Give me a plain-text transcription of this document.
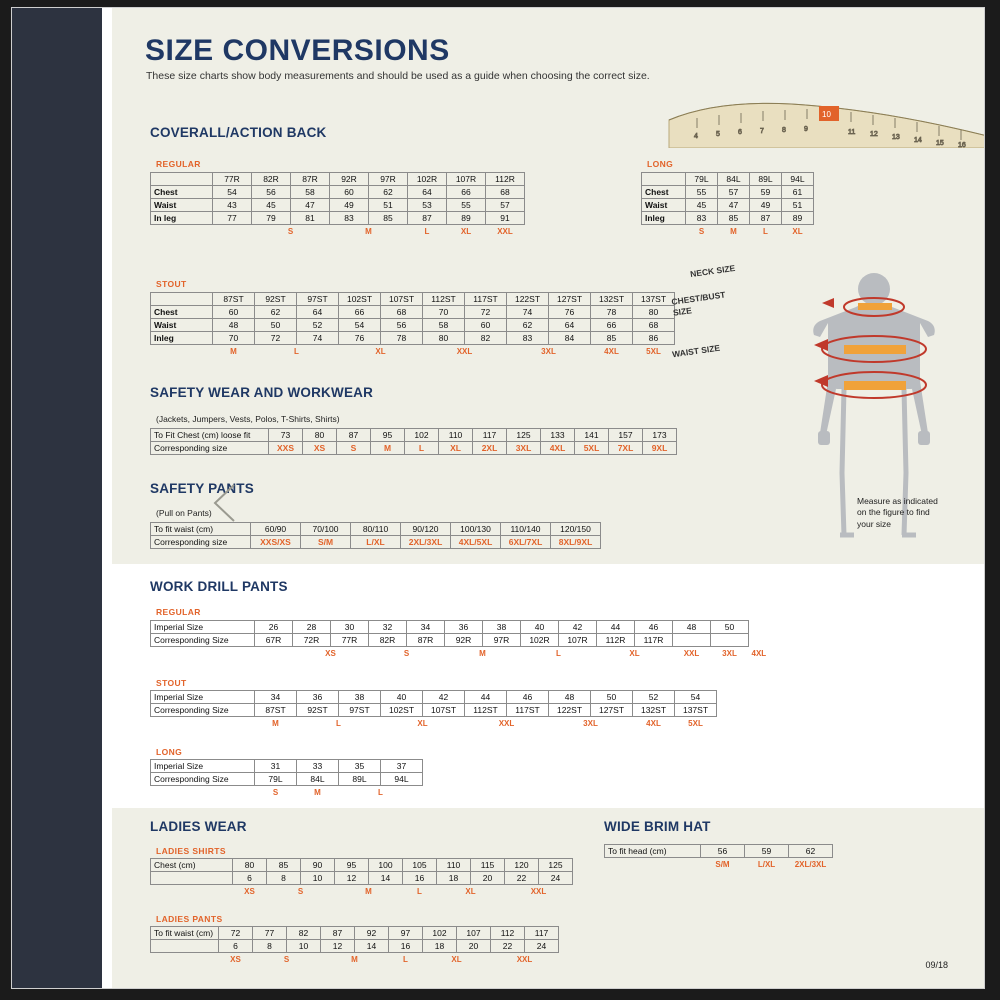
SIZE CONVERSIONS
These size charts show body measurements and should be used as a guide when choosing the correct size.
4	5	6	7	8	9	11 12 13 14 15 16
10
COVERALL/ACTION BACK
REGULAR
	77R	82R	87R	92R	97R	102R	107R	112R
Chest	54	56	58	60	62	64	66	68
Waist	43	45	47	49	51	53	55	57
In leg	77	79	81	83	85	87	89	91
		S		M		L	XL	XXL
LONG
	79L	84L	89L	94L
Chest	55	57	59	61
Waist	45	47	49	51
Inleg	83	85	87	89
	S	M	L	XL
STOUT
	87ST	92ST	97ST	102ST	107ST	112ST	117ST	122ST	127ST	132ST	137ST
Chest	60	62	64	66	68	70	72	74	76	78	80
Waist	48	50	52	54	56	58	60	62	64	66	68
Inleg	70	72	74	76	78	80	82	83	84	85	86
	M	L		XL		XXL		3XL		4XL	5XL
SAFETY WEAR AND WORKWEAR
(Jackets, Jumpers, Vests, Polos, T-Shirts, Shirts)
To Fit Chest (cm) loose fit	73	80	87	95	102	110	117	125	133	141	157	173
Corresponding size	XXS	XS	S	M	L	XL	2XL	3XL	4XL	5XL	7XL	9XL
SAFETY PANTS
(Pull on Pants)
To fit waist (cm)	60/90	70/100	80/110	90/120	100/130	110/140	120/150
Corresponding size	XXS/XS	S/M	L/XL	2XL/3XL	4XL/5XL	6XL/7XL	8XL/9XL
WORK DRILL PANTS
REGULAR
Imperial Size	26	28	30	32	34	36	38	40	42	44	46	48	50	
Corresponding Size	67R	72R	77R	82R	87R	92R	97R	102R	107R	112R	117R			
		XS		S		M		L		XL		XXL	3XL	4XL
STOUT
Imperial Size	34	36	38	40	42	44	46	48	50	52	54
Corresponding Size	87ST	92ST	97ST	102ST	107ST	112ST	117ST	122ST	127ST	132ST	137ST
	M	L		XL		XXL		3XL		4XL	5XL
LONG
Imperial Size	31	33	35	37
Corresponding Size	79L	84L	89L	94L
	S	M	L	
LADIES WEAR
LADIES SHIRTS
Chest (cm)	80	85	90	95	100	105	110	115	120	125
	6	8	10	12	14	16	18	20	22	24
	XS	S		M		L	XL		XXL	
LADIES PANTS
To fit waist (cm)	72	77	82	87	92	97	102	107	112	117
	6	8	10	12	14	16	18	20	22	24
	XS	S		M		L	XL		XXL	
WIDE BRIM HAT
To fit head (cm)	56	59	62
	S/M	L/XL	2XL/3XL
NECK SIZE
CHEST/BUST SIZE
WAIST SIZE
Measure as indicated on the figure to find your size
09/18
